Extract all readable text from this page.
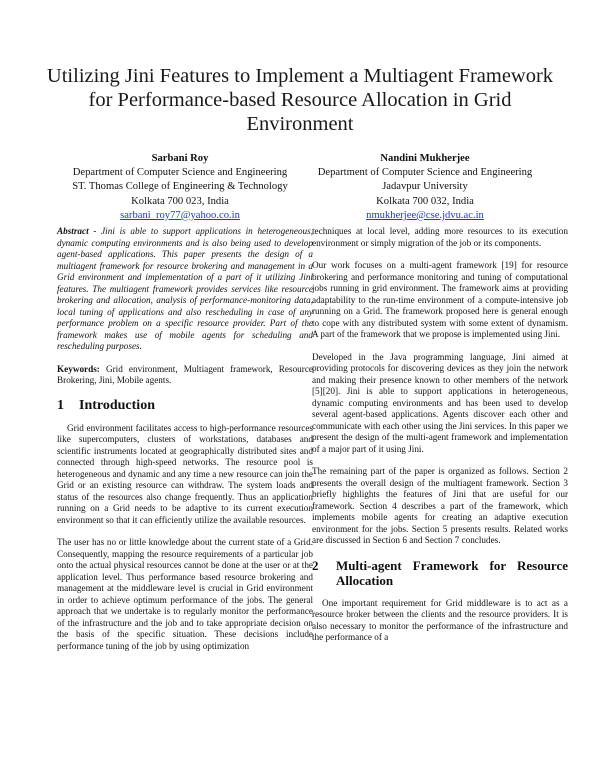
Utilizing Jini Features to Implement a Multiagent Framework for Performance-based Resource Allocation in Grid Environment
Sarbani Roy
Department of Computer Science and Engineering
ST. Thomas College of Engineering & Technology
Kolkata 700 023, India
sarbani_roy77@yahoo.co.in
Nandini Mukherjee
Department of Computer Science and Engineering
Jadavpur University
Kolkata 700 032, India
nmukherjee@cse.jdvu.ac.in

Abstract - Jini is able to support applications in heterogeneous, dynamic computing environments and is also being used to develop agent-based applications. This paper presents the design of a multiagent framework for resource brokering and management in a Grid environment and implementation of a part of it utilizing Jini features. The multiagent framework provides services like resource brokering and allocation, analysis of performance-monitoring data, local tuning of applications and also rescheduling in case of any performance problem on a specific resource provider. Part of the framework makes use of mobile agents for scheduling and rescheduling purposes.

Keywords: Grid environment, Multiagent framework, Resource Brokering, Jini, Mobile agents.

1 Introduction

Grid environment facilitates access to high-performance resources like supercomputers, clusters of workstations, databases and scientific instruments located at geographically distributed sites and connected through high-speed networks. The resource pool is heterogeneous and dynamic and any time a new resource can join the Grid or an existing resource can withdraw. The system loads and status of the resources also change frequently. Thus an application running on a Grid needs to be adaptive to its current execution environment so that it can efficiently utilize the available resources.

The user has no or little knowledge about the current state of a Grid. Consequently, mapping the resource requirements of a particular job onto the actual physical resources cannot be done at the user or at the application level. Thus performance based resource brokering and management at the middleware level is crucial in Grid environment in order to achieve optimum performance of the jobs. The general approach that we undertake is to regularly monitor the performance of the infrastructure and the job and to take appropriate decision on the basis of the specific situation. These decisions include performance tuning of the job by using optimization

techniques at local level, adding more resources to its execution environment or simply migration of the job or its components.

Our work focuses on a multi-agent framework [19] for resource brokering and performance monitoring and tuning of computational jobs running in grid environment. The framework aims at providing adaptability to the run-time environment of a compute-intensive job running on a Grid. The framework proposed here is general enough to cope with any distributed system with some extent of dynamism. A part of the framework that we propose is implemented using Jini.

Developed in the Java programming language, Jini aimed at providing protocols for discovering devices as they join the network and making their presence known to other members of the network [5][20]. Jini is able to support applications in heterogeneous, dynamic computing environments and has been used to develop several agent-based applications. Agents discover each other and communicate with each other using the Jini services. In this paper we present the design of the multi-agent framework and implementation of a major part of it using Jini.

The remaining part of the paper is organized as follows. Section 2 presents the overall design of the multiagent framework. Section 3 briefly highlights the features of Jini that are useful for our framework. Section 4 describes a part of the framework, which implements mobile agents for creating an adaptive execution environment for the jobs. Section 5 presents results. Related works are discussed in Section 6 and Section 7 concludes.

2	Multi-agent Framework for Resource Allocation

One important requirement for Grid middleware is to act as a resource broker between the clients and the resource providers. It is also necessary to monitor the performance of the infrastructure and the performance of a
